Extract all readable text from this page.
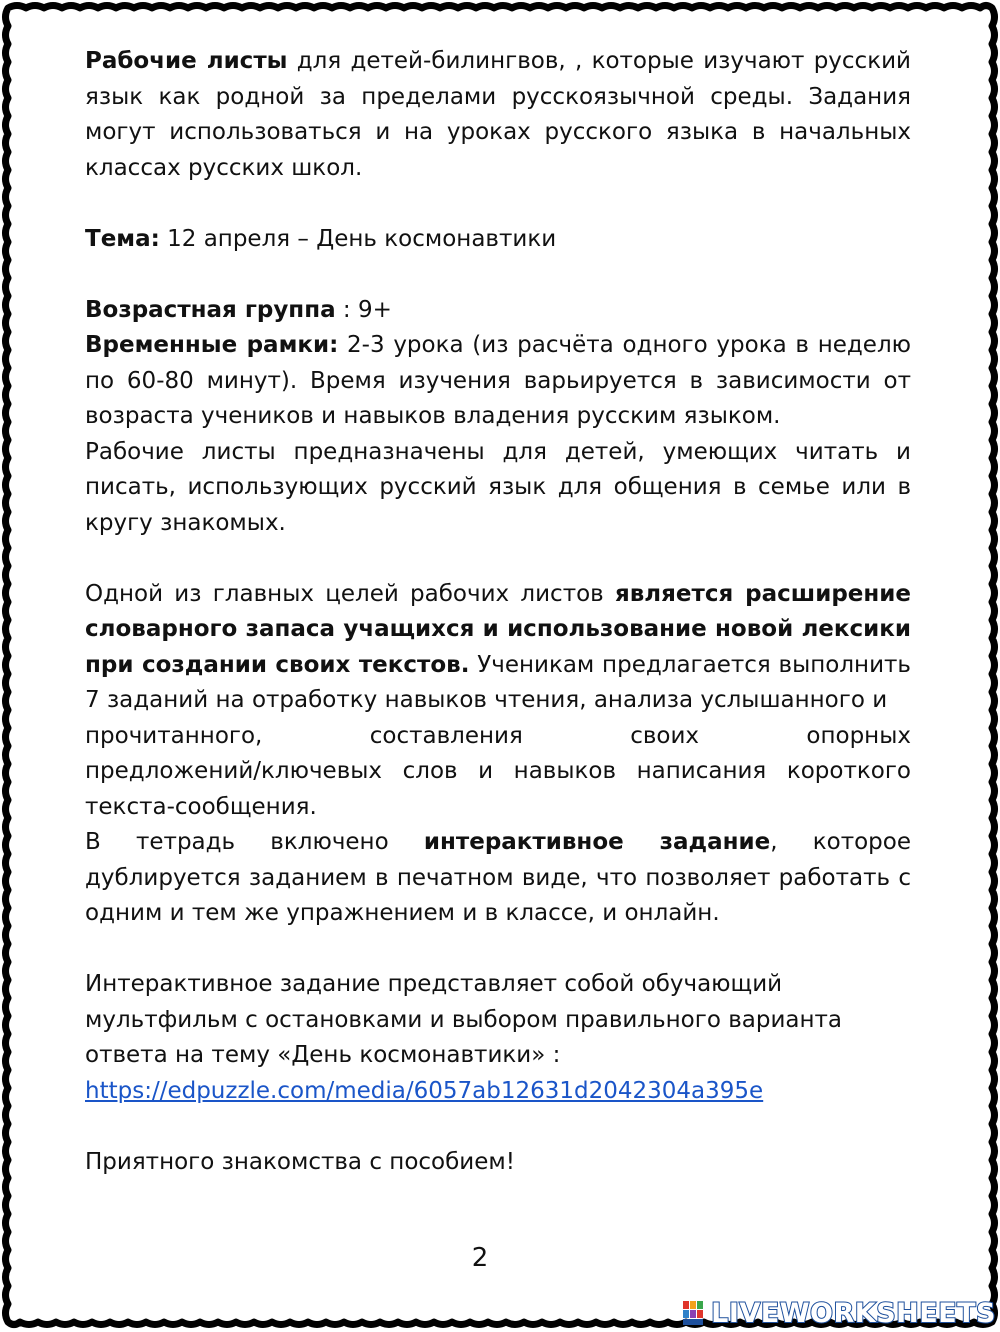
Рабочие листы для детей-билингвов, , которые изучают русский язык как родной за пределами русскоязычной среды. Задания могут использоваться и на уроках русского языка в начальных классах русских школ.

Тема: 12 апреля – День космонавтики

Возрастная группа : 9+

Временные рамки: 2-3 урока (из расчёта одного урока в неделю по 60-80 минут). Время изучения варьируется в зависимости от возраста учеников и навыков владения русским языком.

Рабочие листы предназначены для детей, умеющих читать и писать, использующих русский язык для общения в семье или в кругу знакомых.

Одной из главных целей рабочих листов является расширение словарного запаса учащихся и использование новой лексики при создании своих текстов. Ученикам предлагается выполнить 7 заданий на отработку навыков чтения, анализа услышанного и

прочитанного, составления своих опорных

предложений/ключевых слов и навыков написания короткого текста-сообщения.

В тетрадь включено интерактивное задание, которое дублируется заданием в печатном виде, что позволяет работать с одним и тем же упражнением и в классе, и онлайн.

Интерактивное задание представляет собой обучающий

мультфильм с остановками и выбором правильного варианта

ответа на тему «День космонавтики» :

https://edpuzzle.com/media/6057ab12631d2042304a395e

Приятного знакомства с пособием!

2
LIVEWORKSHEETS
